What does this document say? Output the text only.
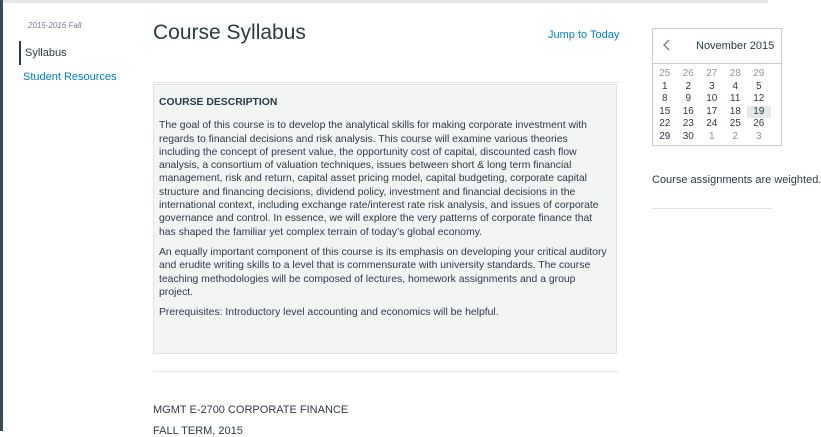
2015-2016 Fall
Syllabus
Student Resources
Course Syllabus	Jump to Today
COURSE DESCRIPTION

The goal of this course is to develop the analytical skills for making corporate investment with regards to financial decisions and risk analysis. This course will examine various theories including the concept of present value, the opportunity cost of capital, discounted cash flow analysis, a consortium of valuation techniques, issues between short & long term financial management, risk and return, capital asset pricing model, capital budgeting, corporate capital structure and financing decisions, dividend policy, investment and financial decisions in the international context, including exchange rate/interest rate risk analysis, and issues of corporate governance and control. In essence, we will explore the very patterns of corporate finance that has shaped the familiar yet complex terrain of today’s global economy.

An equally important component of this course is its emphasis on developing your critical auditory and erudite writing skills to a level that is commensurate with university standards. The course teaching methodologies will be composed of lectures, homework assignments and a group project.

Prerequisites: Introductory level accounting and economics will be helpful.

MGMT E-2700 CORPORATE FINANCE
FALL TERM, 2015
November 2015
25	26	27	28	29
1	2	3	4	5
8	9	10	11	12
15	16	17	18	19
22	23	24	25	26
29	30	1	2	3
Course assignments are weighted.
